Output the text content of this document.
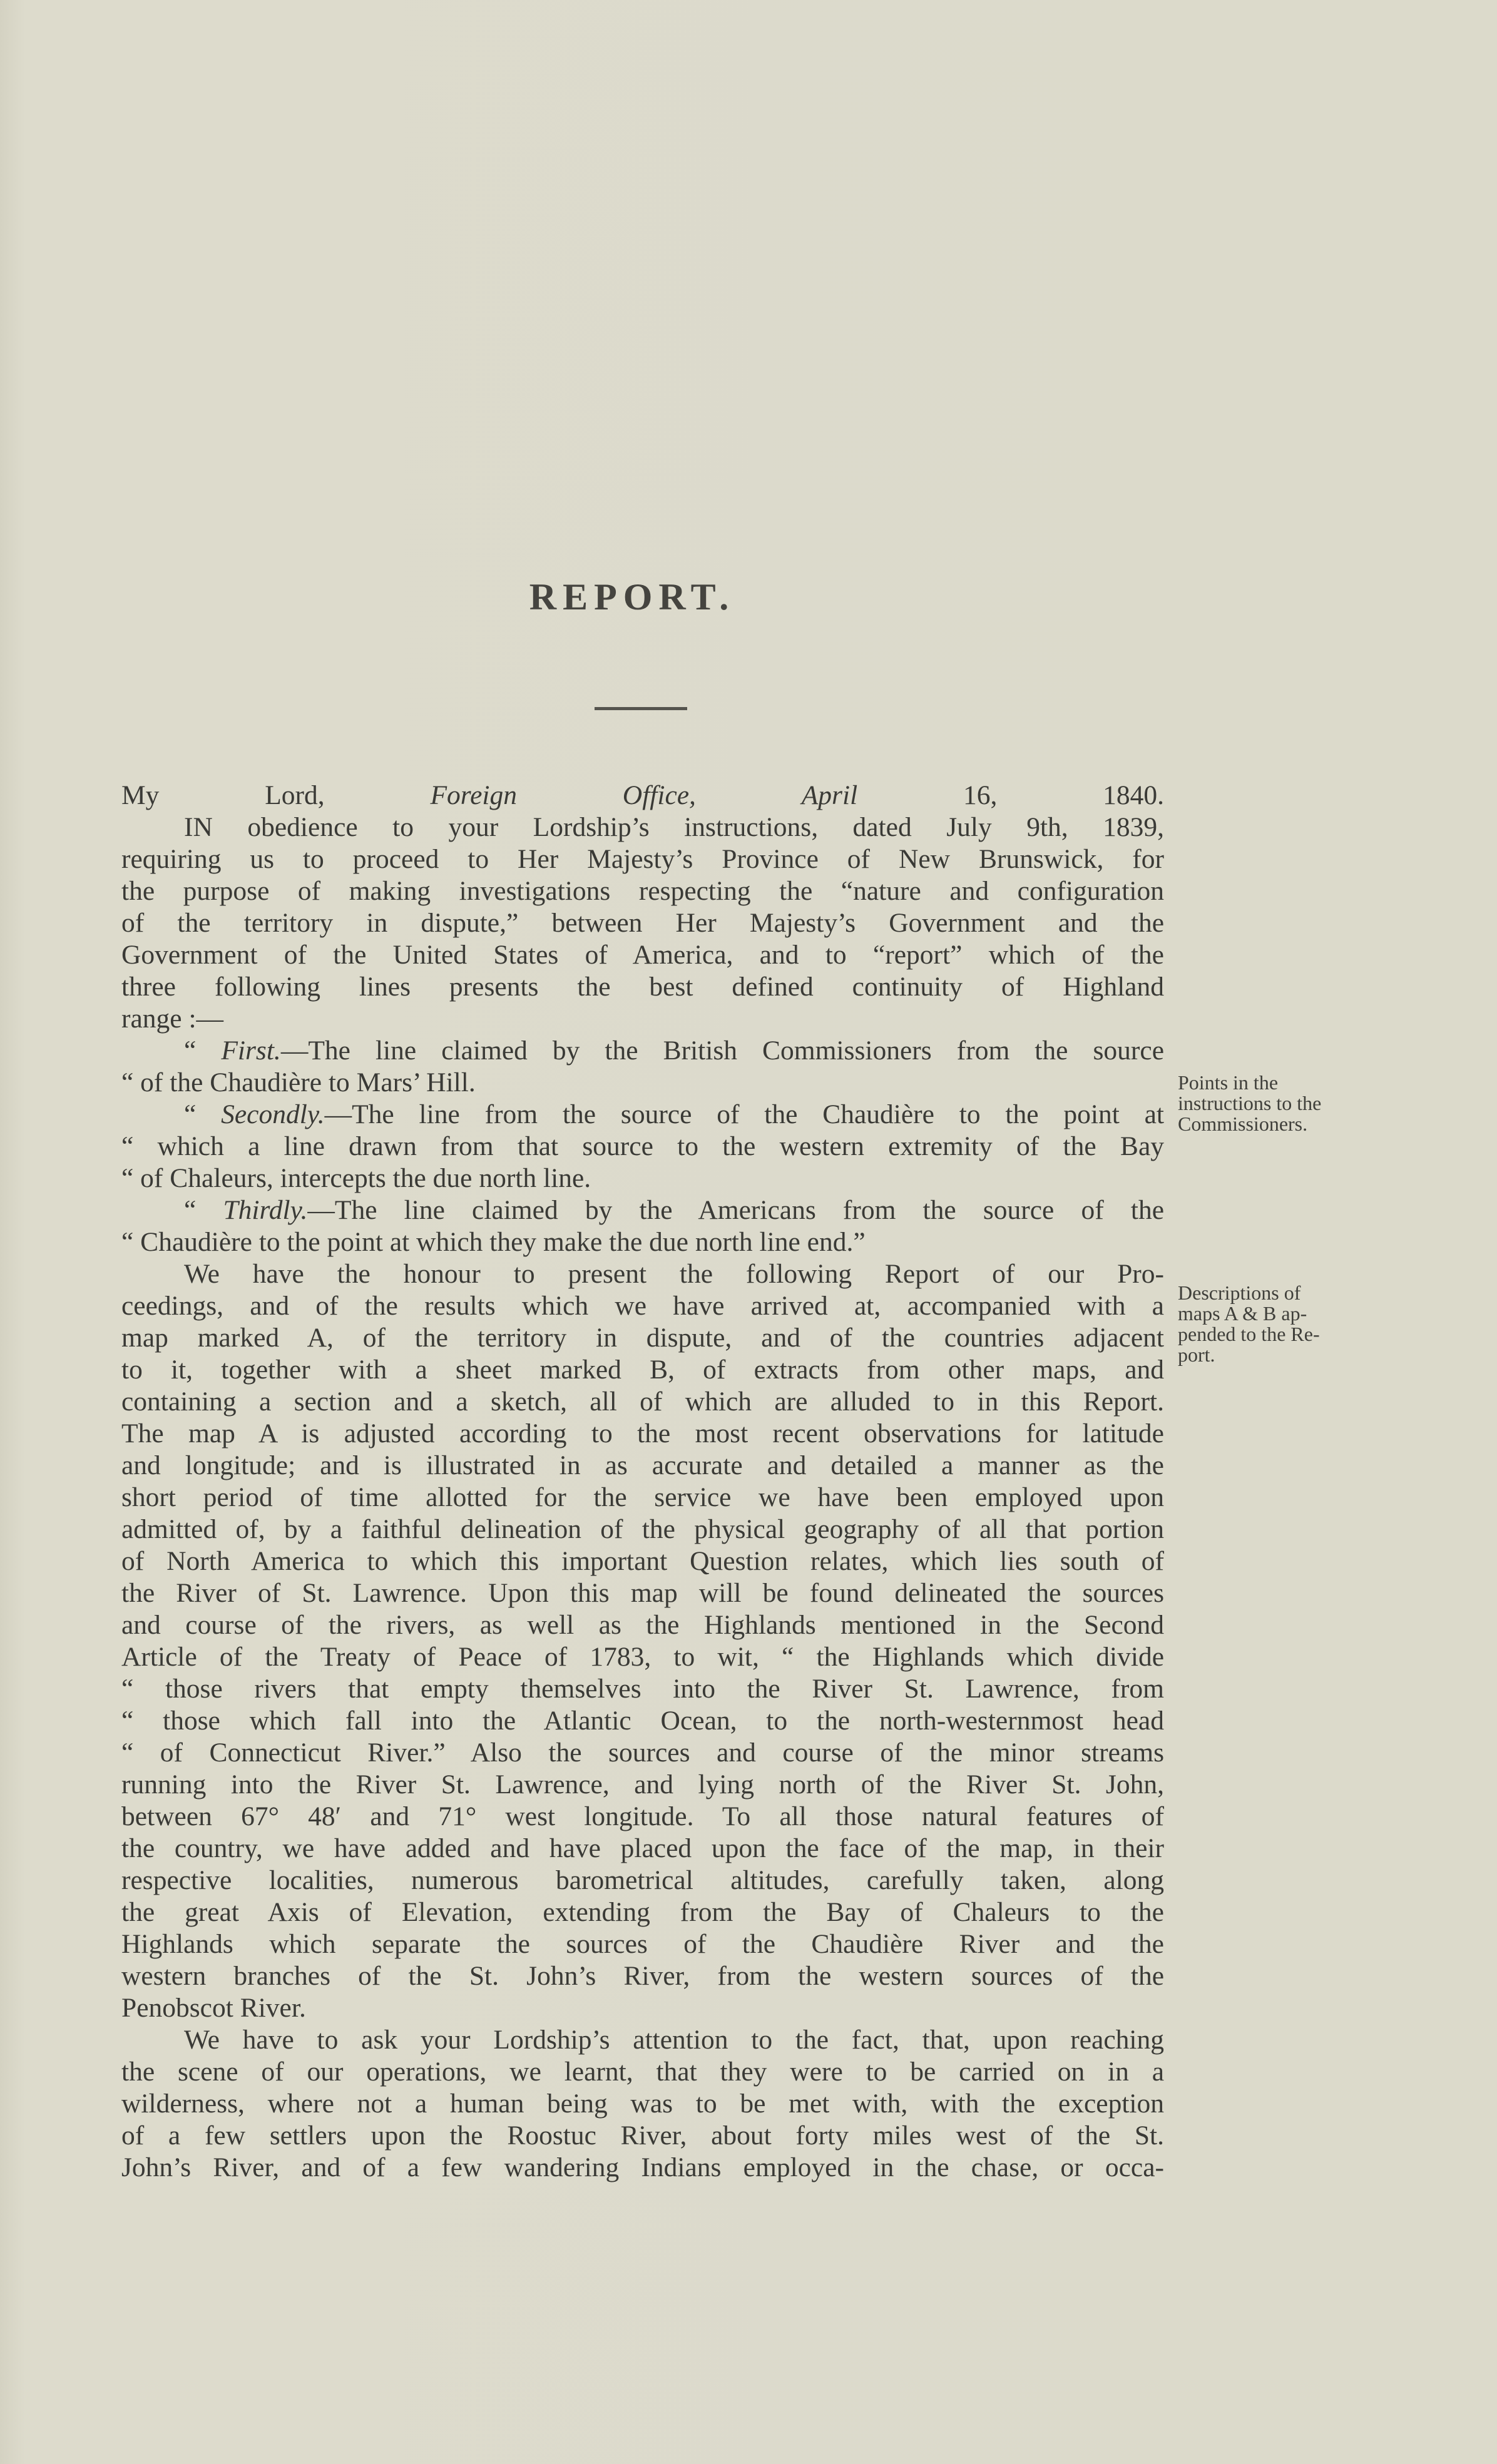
REPORT.
My Lord,	Foreign Office,	April	16, 1840.
IN obedience to your Lordship’s instructions, dated July 9th, 1839,
requiring us to proceed to Her Majesty’s Province of New Brunswick, for
the purpose of making investigations respecting the “nature and configuration
of the territory in dispute,” between Her Majesty’s Government and the
Government of the United States of America, and to “report” which of the
three following lines presents the best defined continuity of Highland
range :—
“ First.—The line claimed by the British Commissioners from the source
“ of the Chaudière to Mars’ Hill.
“ Secondly.—The line from the source of the Chaudière to the point at
“ which a line drawn from that source to the western extremity of the Bay
“ of Chaleurs, intercepts the due north line.
“ Thirdly.—The line claimed by the Americans from the source of the
“ Chaudière to the point at which they make the due north line end.”
We have the honour to present the following Report of our Pro-
ceedings, and of the results which we have arrived at, accompanied with a
map marked A, of the territory in dispute, and of the countries adjacent
to it, together with a sheet marked B, of extracts from other maps, and
containing a section and a sketch, all of which are alluded to in this Report.
The map A is adjusted according to the most recent observations for latitude
and longitude; and is illustrated in as accurate and detailed a manner as the
short period of time allotted for the service we have been employed upon
admitted of, by a faithful delineation of the physical geography of all that portion
of North America to which this important Question relates, which lies south of
the River of St. Lawrence. Upon this map will be found delineated the sources
and course of the rivers, as well as the Highlands mentioned in the Second
Article of the Treaty of Peace of 1783, to wit, “ the Highlands which divide
“ those rivers that empty themselves into the River St. Lawrence, from
“ those which fall into the Atlantic Ocean, to the north-westernmost head
“ of Connecticut River.” Also the sources and course of the minor streams
running into the River St. Lawrence, and lying north of the River St. John,
between 67° 48′ and 71° west longitude. To all those natural features of
the country, we have added and have placed upon the face of the map, in their
respective localities, numerous barometrical altitudes, carefully taken, along
the great Axis of Elevation, extending from the Bay of Chaleurs to the
Highlands which separate the sources of the Chaudière River and the
western branches of the St. John’s River, from the western sources of the
Penobscot River.
We have to ask your Lordship’s attention to the fact, that, upon reaching
the scene of our operations, we learnt, that they were to be carried on in a
wilderness, where not a human being was to be met with, with the exception
of a few settlers upon the Roostuc River, about forty miles west of the St.
John’s River, and of a few wandering Indians employed in the chase, or occa-
Points in the
instructions to the
Commissioners.
Descriptions of
maps A & B ap-
pended to the Re-
port.
